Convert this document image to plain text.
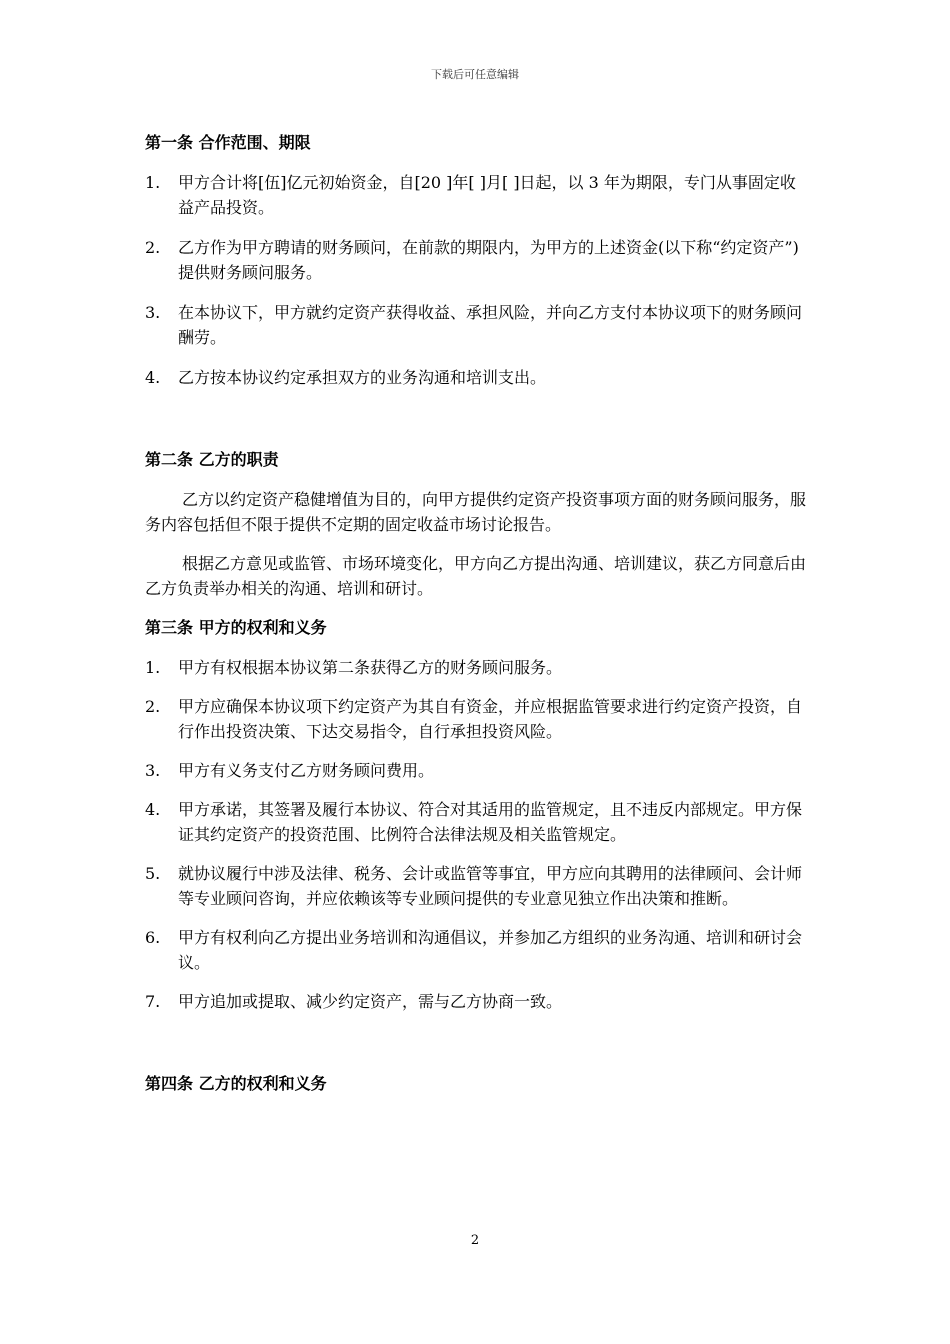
下载后可任意编辑
第一条 合作范围、期限
1. 甲方合计将[伍]亿元初始资金，自[20 ]年[ ]月[ ]日起，以 3 年为期限，专门从事固定收益产品投资。
2. 乙方作为甲方聘请的财务顾问，在前款的期限内，为甲方的上述资金(以下称“约定资产”) 提供财务顾问服务。
3. 在本协议下，甲方就约定资产获得收益、承担风险，并向乙方支付本协议项下的财务顾问酬劳。
4. 乙方按本协议约定承担双方的业务沟通和培训支出。
第二条 乙方的职责

乙方以约定资产稳健增值为目的，向甲方提供约定资产投资事项方面的财务顾问服务，服务内容包括但不限于提供不定期的固定收益市场讨论报告。

根据乙方意见或监管、市场环境变化，甲方向乙方提出沟通、培训建议，获乙方同意后由乙方负责举办相关的沟通、培训和研讨。

第三条 甲方的权利和义务
1. 甲方有权根据本协议第二条获得乙方的财务顾问服务。
2. 甲方应确保本协议项下约定资产为其自有资金，并应根据监管要求进行约定资产投资，自行作出投资决策、下达交易指令，自行承担投资风险。
3. 甲方有义务支付乙方财务顾问费用。
4. 甲方承诺，其签署及履行本协议、符合对其适用的监管规定，且不违反内部规定。甲方保证其约定资产的投资范围、比例符合法律法规及相关监管规定。
5. 就协议履行中涉及法律、税务、会计或监管等事宜，甲方应向其聘用的法律顾问、会计师等专业顾问咨询，并应依赖该等专业顾问提供的专业意见独立作出决策和推断。
6. 甲方有权利向乙方提出业务培训和沟通倡议，并参加乙方组织的业务沟通、培训和研讨会议。
7. 甲方追加或提取、减少约定资产，需与乙方协商一致。
第四条 乙方的权利和义务
2
